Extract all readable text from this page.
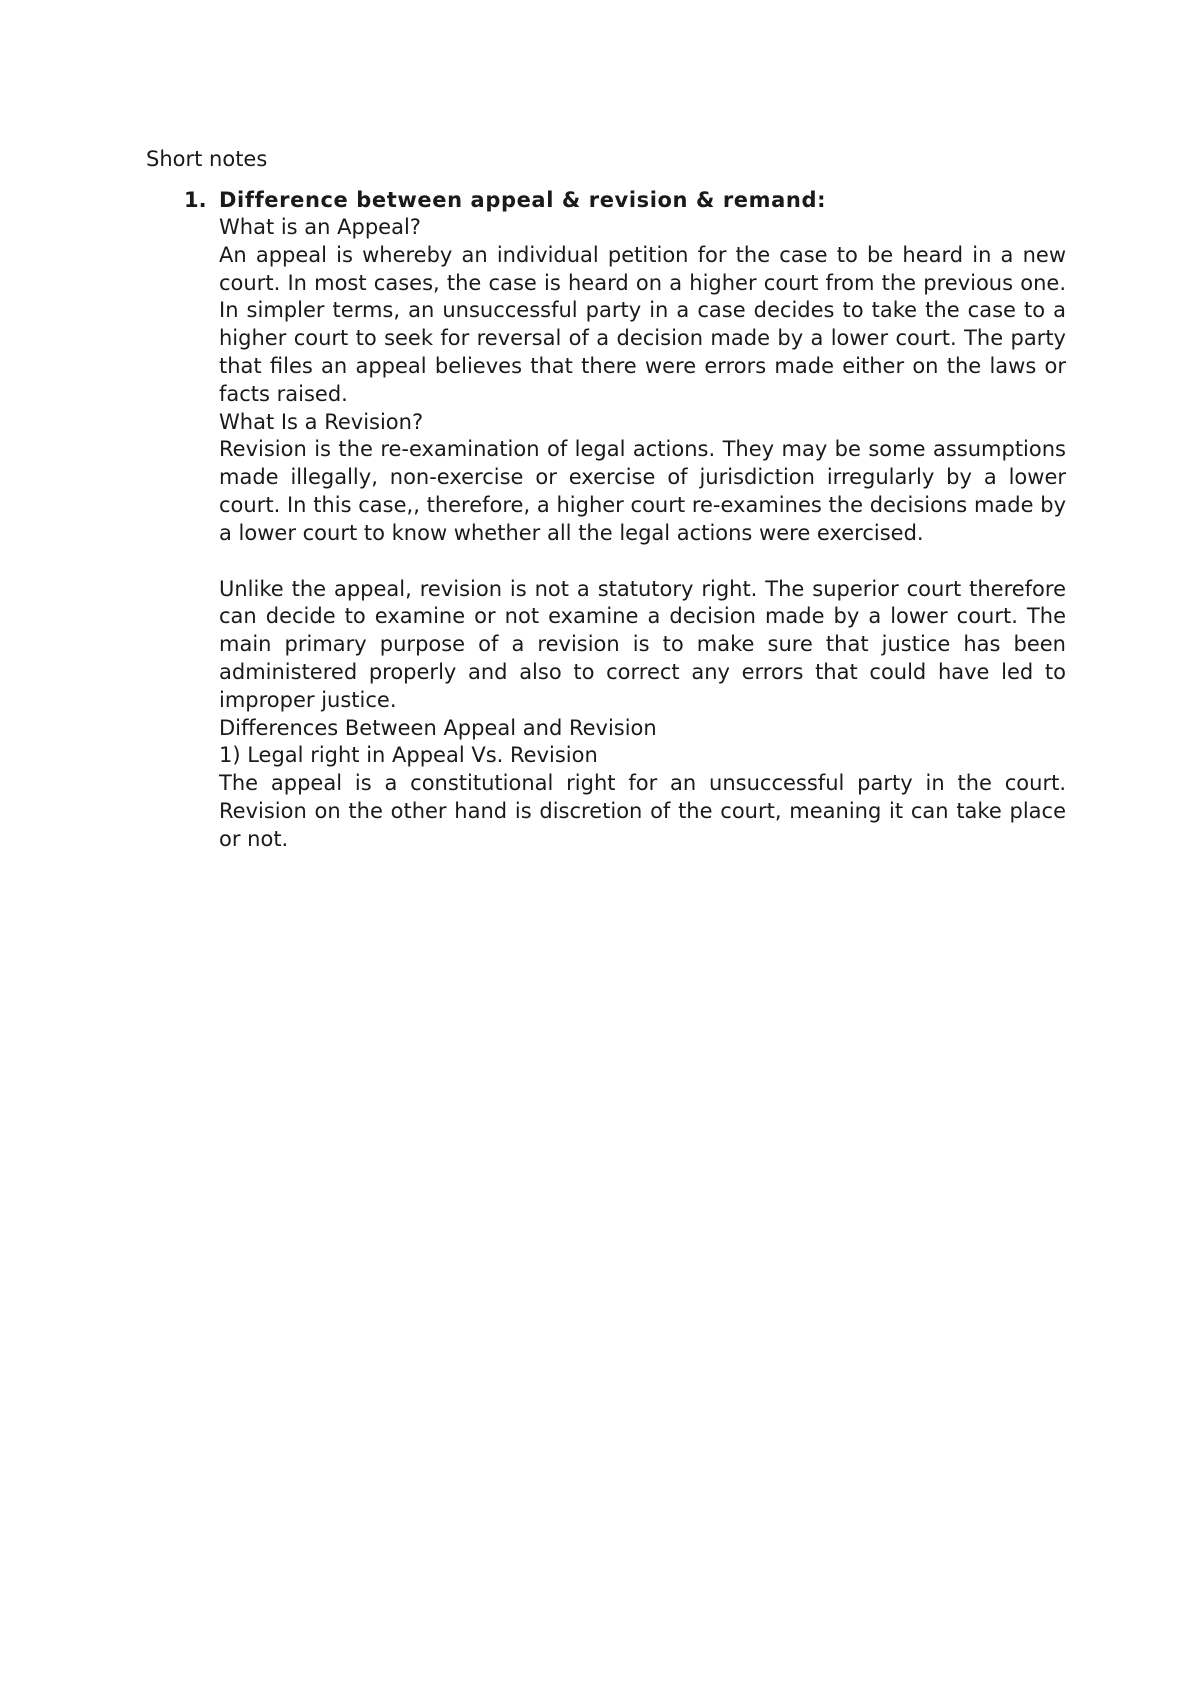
Short notes

1. Difference between appeal & revision & remand:

What is an Appeal?

An appeal is whereby an individual petition for the case to be heard in a new court. In most cases, the case is heard on a higher court from the previous one. In simpler terms, an unsuccessful party in a case decides to take the case to a higher court to seek for reversal of a decision made by a lower court. The party that files an appeal believes that there were errors made either on the laws or facts raised.

What Is a Revision?

Revision is the re-examination of legal actions. They may be some assumptions made illegally, non-exercise or exercise of jurisdiction irregularly by a lower court. In this case,, therefore, a higher court re-examines the decisions made by a lower court to know whether all the legal actions were exercised.

Unlike the appeal, revision is not a statutory right. The superior court therefore can decide to examine or not examine a decision made by a lower court. The main primary purpose of a revision is to make sure that justice has been administered properly and also to correct any errors that could have led to improper justice.

Differences Between Appeal and Revision

1) Legal right in Appeal Vs. Revision

The appeal is a constitutional right for an unsuccessful party in the court. Revision on the other hand is discretion of the court, meaning it can take place or not.
